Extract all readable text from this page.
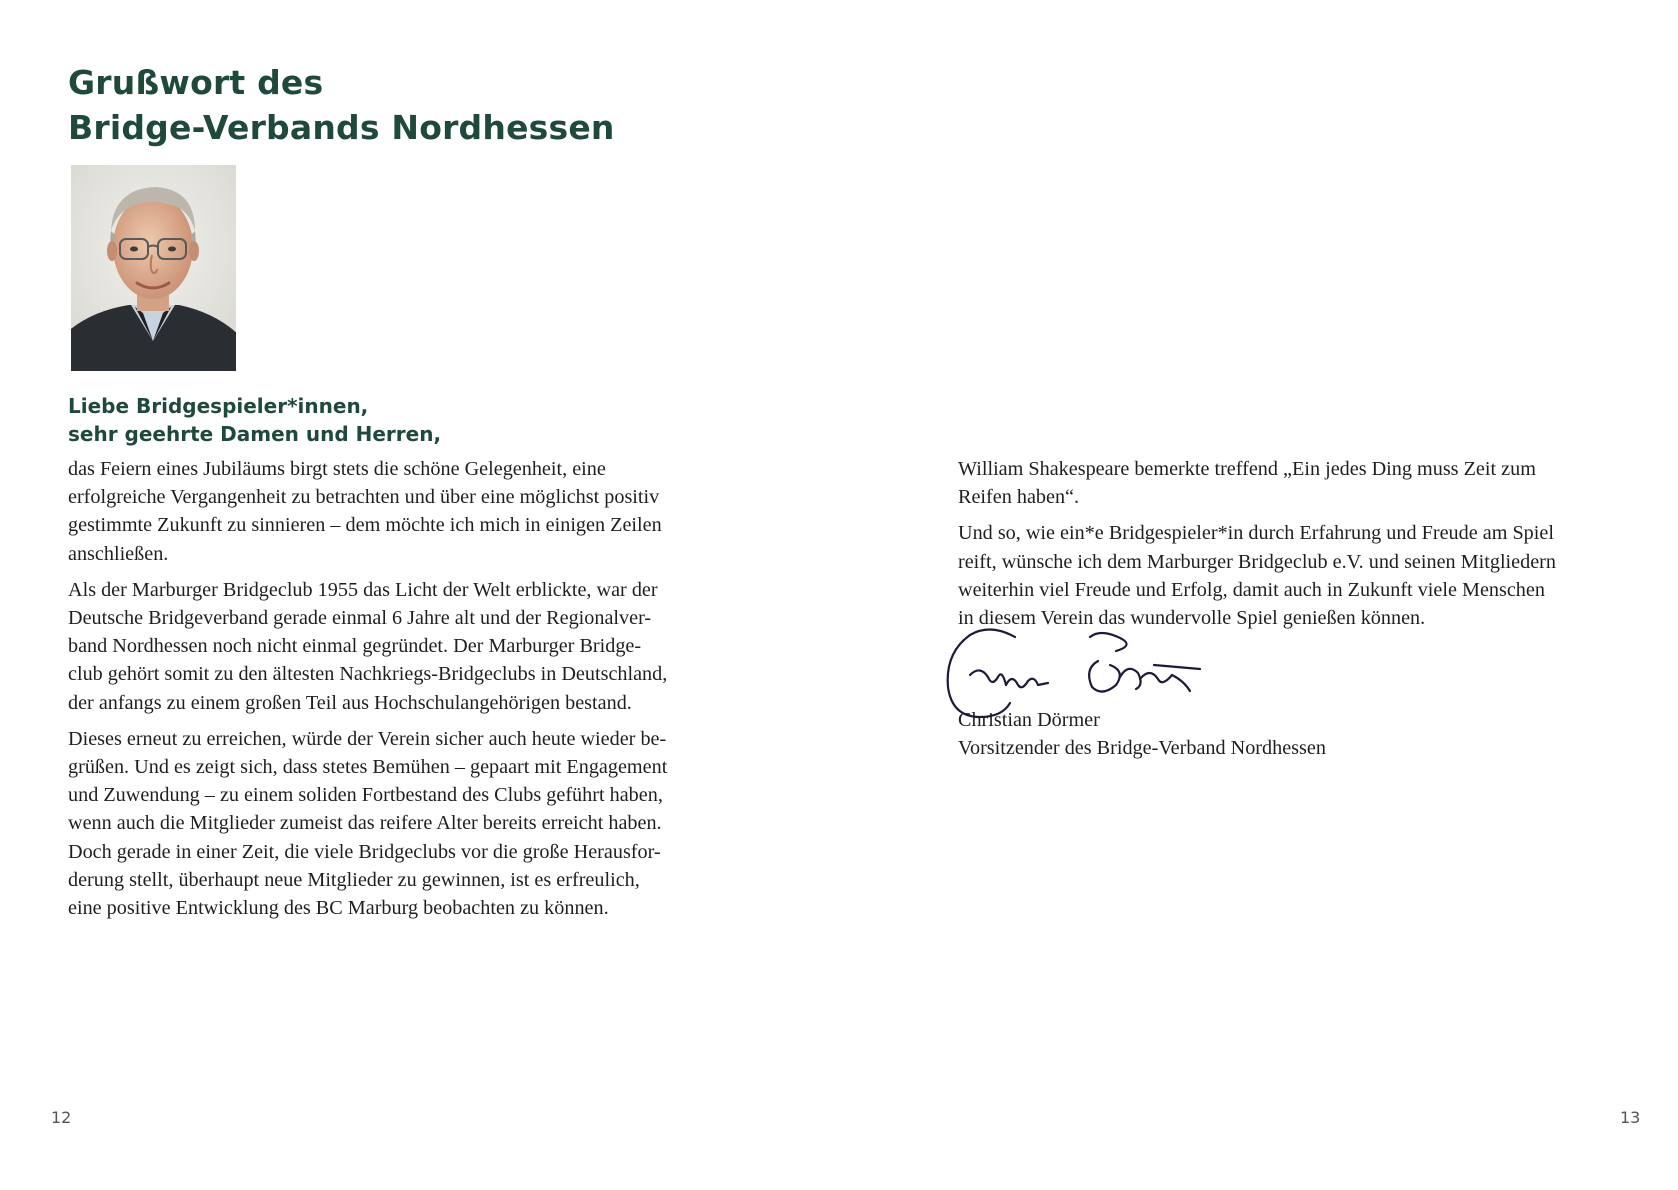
Grußwort des
Bridge-Verbands Nordhessen
Liebe Bridgespieler*innen,
sehr geehrte Damen und Herren,

das Feiern eines Jubiläums birgt stets die schöne Gelegenheit, eine
erfolgreiche Vergangenheit zu betrachten und über eine möglichst positiv
gestimmte Zukunft zu sinnieren – dem möchte ich mich in einigen Zeilen
anschließen.

Als der Marburger Bridgeclub 1955 das Licht der Welt erblickte, war der
Deutsche Bridgeverband gerade einmal 6 Jahre alt und der Regionalver-
band Nordhessen noch nicht einmal gegründet. Der Marburger Bridge-
club gehört somit zu den ältesten Nachkriegs-Bridgeclubs in Deutschland,
der anfangs zu einem großen Teil aus Hochschulangehörigen bestand.

Dieses erneut zu erreichen, würde der Verein sicher auch heute wieder be-
grüßen. Und es zeigt sich, dass stetes Bemühen – gepaart mit Engagement
und Zuwendung – zu einem soliden Fortbestand des Clubs geführt haben,
wenn auch die Mitglieder zumeist das reifere Alter bereits erreicht haben.
Doch gerade in einer Zeit, die viele Bridgeclubs vor die große Herausfor-
derung stellt, überhaupt neue Mitglieder zu gewinnen, ist es erfreulich,
eine positive Entwicklung des BC Marburg beobachten zu können.

William Shakespeare bemerkte treffend „Ein jedes Ding muss Zeit zum
Reifen haben“.

Und so, wie ein*e Bridgespieler*in durch Erfahrung und Freude am Spiel
reift, wünsche ich dem Marburger Bridgeclub e.V. und seinen Mitgliedern
weiterhin viel Freude und Erfolg, damit auch in Zukunft viele Menschen
in diesem Verein das wundervolle Spiel genießen können.

Christian Dörmer
Vorsitzender des Bridge-Verband Nordhessen
12	13
